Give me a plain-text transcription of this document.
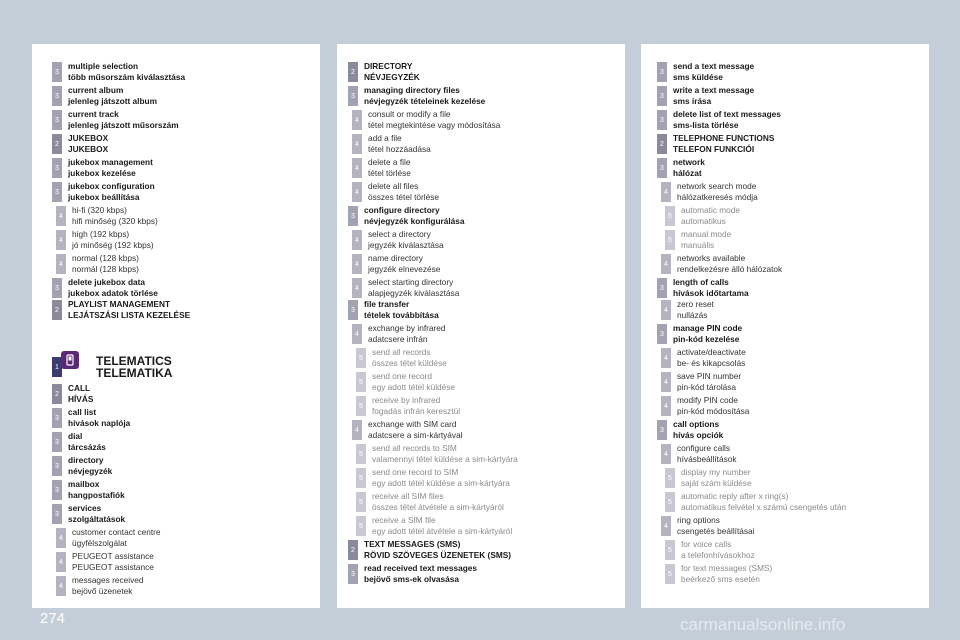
3
multiple selection
több műsorszám kiválasztása
3
current album
jelenleg játszott album
3
current track
jelenleg játszott műsorszám
2
JUKEBOX
JUKEBOX
3
jukebox management
jukebox kezelése
3
jukebox configuration
jukebox beállítása
4
hi-fi (320 kbps)
hifi minőség (320 kbps)
4
high (192 kbps)
jó minőség (192 kbps)
4
normal (128 kbps)
normál (128 kbps)
3
delete jukebox data
jukebox adatok törlése
2
PLAYLIST MANAGEMENT
LEJÁTSZÁSI LISTA KEZELÉSE
1	TELEMATICS
TELEMATIKA
2
CALL
HÍVÁS
3
call list
hívások naplója
3
dial
tárcsázás
3
directory
névjegyzék
3
mailbox
hangpostafiók
3
services
szolgáltatások
4
customer contact centre
ügyfélszolgálat
4
PEUGEOT assistance
PEUGEOT assistance
4
messages received
bejövő üzenetek
2
DIRECTORY
NÉVJEGYZÉK
3
managing directory files
névjegyzék tételeinek kezelése
4
consult or modify a file
tétel megtekintése vagy módosítása
4
add a file
tétel hozzáadása
4
delete a file
tétel törlése
4
delete all files
összes tétel törlése
3
configure directory
névjegyzék konfigurálása
4
select a directory
jegyzék kiválasztása
4
name directory
jegyzék elnevezése
4
select starting directory
alapjegyzék kiválasztása
3
file transfer
tételek továbbítása
4
exchange by infrared
adatcsere infrán
5
send all records
összes tétel küldése
5
send one record
egy adott tétel küldése
5
receive by infrared
fogadás infrán keresztül
4
exchange with SIM card
adatcsere a sim-kártyával
5
send all records to SIM
valamennyi tétel küldése a sim-kártyára
5
send one record to SIM
egy adott tétel küldése a sim-kártyára
5
receive all SIM files
összes tétel átvétele a sim-kártyáról
5
receive a SIM file
egy adott tétel átvétele a sim-kártyáról
2
TEXT MESSAGES (SMS)
RÖVID SZÖVEGES ÜZENETEK (SMS)
3
read received text messages
bejövő sms-ek olvasása
3
send a text message
sms küldése
3
write a text message
sms írása
3
delete list of text messages
sms-lista törlése
2
TELEPHONE FUNCTIONS
TELEFON FUNKCIÓI
3
network
hálózat
4
network search mode
hálózatkeresés módja
5
automatic mode
automatikus
5
manual mode
manuális
4
networks available
rendelkezésre álló hálózatok
3
length of calls
hívások időtartama
4
zero reset
nullázás
3
manage PIN code
pin-kód kezelése
4
activate/deactivate
be- és kikapcsolás
4
save PIN number
pin-kód tárolása
4
modify PIN code
pin-kód módosítása
3
call options
hívás opciók
4
configure calls
hívásbeállítások
5
display my number
saját szám küldése
5
automatic reply after x ring(s)
automatikus felvétel x számú csengetés után
4
ring options
csengetés beállításai
5
for voice calls
a telefonhívásokhoz
5
for text messages (SMS)
beérkező sms esetén
274	carmanualsonline.info
